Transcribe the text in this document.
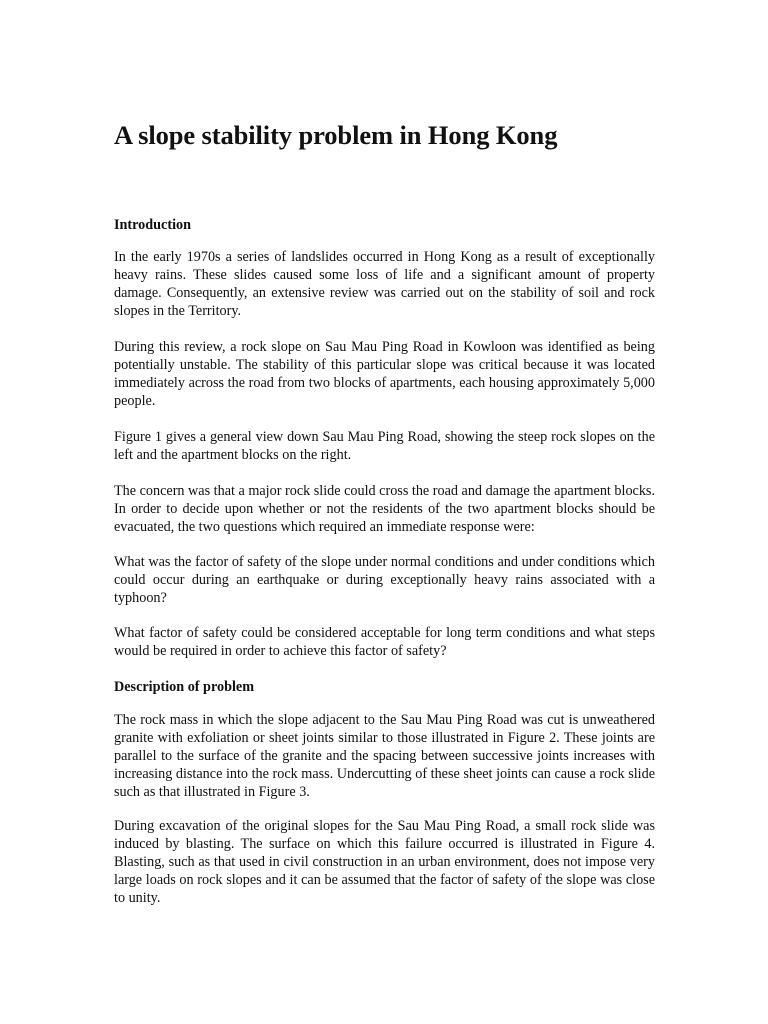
A slope stability problem in Hong Kong
Introduction

In the early 1970s a series of landslides occurred in Hong Kong as a result of exceptionally heavy rains. These slides caused some loss of life and a significant amount of property damage. Consequently, an extensive review was carried out on the stability of soil and rock slopes in the Territory.

During this review, a rock slope on Sau Mau Ping Road in Kowloon was identified as being potentially unstable. The stability of this particular slope was critical because it was located immediately across the road from two blocks of apartments, each housing approximately 5,000 people.

Figure 1 gives a general view down Sau Mau Ping Road, showing the steep rock slopes on the left and the apartment blocks on the right.

The concern was that a major rock slide could cross the road and damage the apartment blocks. In order to decide upon whether or not the residents of the two apartment blocks should be evacuated, the two questions which required an immediate response were:

What was the factor of safety of the slope under normal conditions and under conditions which could occur during an earthquake or during exceptionally heavy rains associated with a typhoon?

What factor of safety could be considered acceptable for long term conditions and what steps would be required in order to achieve this factor of safety?

Description of problem

The rock mass in which the slope adjacent to the Sau Mau Ping Road was cut is unweathered granite with exfoliation or sheet joints similar to those illustrated in Figure 2. These joints are parallel to the surface of the granite and the spacing between successive joints increases with increasing distance into the rock mass. Undercutting of these sheet joints can cause a rock slide such as that illustrated in Figure 3.

During excavation of the original slopes for the Sau Mau Ping Road, a small rock slide was induced by blasting. The surface on which this failure occurred is illustrated in Figure 4. Blasting, such as that used in civil construction in an urban environment, does not impose very large loads on rock slopes and it can be assumed that the factor of safety of the slope was close to unity.
